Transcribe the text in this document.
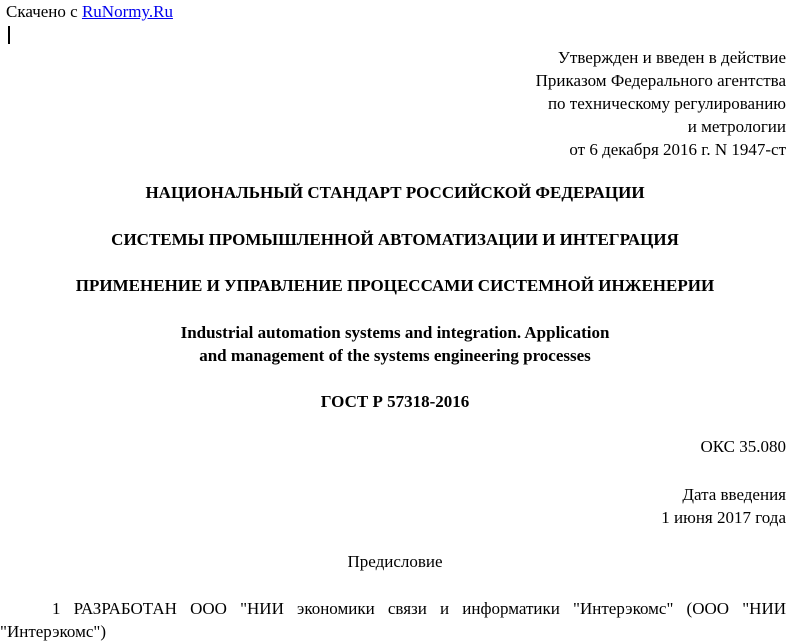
Скачено с RuNormy.Ru
Утвержден и введен в действие
Приказом Федерального агентства
по техническому регулированию
и метрологии
от 6 декабря 2016 г. N 1947-ст
НАЦИОНАЛЬНЫЙ СТАНДАРТ РОССИЙСКОЙ ФЕДЕРАЦИИ
СИСТЕМЫ ПРОМЫШЛЕННОЙ АВТОМАТИЗАЦИИ И ИНТЕГРАЦИЯ
ПРИМЕНЕНИЕ И УПРАВЛЕНИЕ ПРОЦЕССАМИ СИСТЕМНОЙ ИНЖЕНЕРИИ
Industrial automation systems and integration. Application
and management of the systems engineering processes
ГОСТ Р 57318-2016
ОКС 35.080
Дата введения
1 июня 2017 года
Предисловие
1 РАЗРАБОТАН ООО "НИИ экономики связи и информатики "Интерэкомс" (ООО "НИИ "Интерэкомс")
